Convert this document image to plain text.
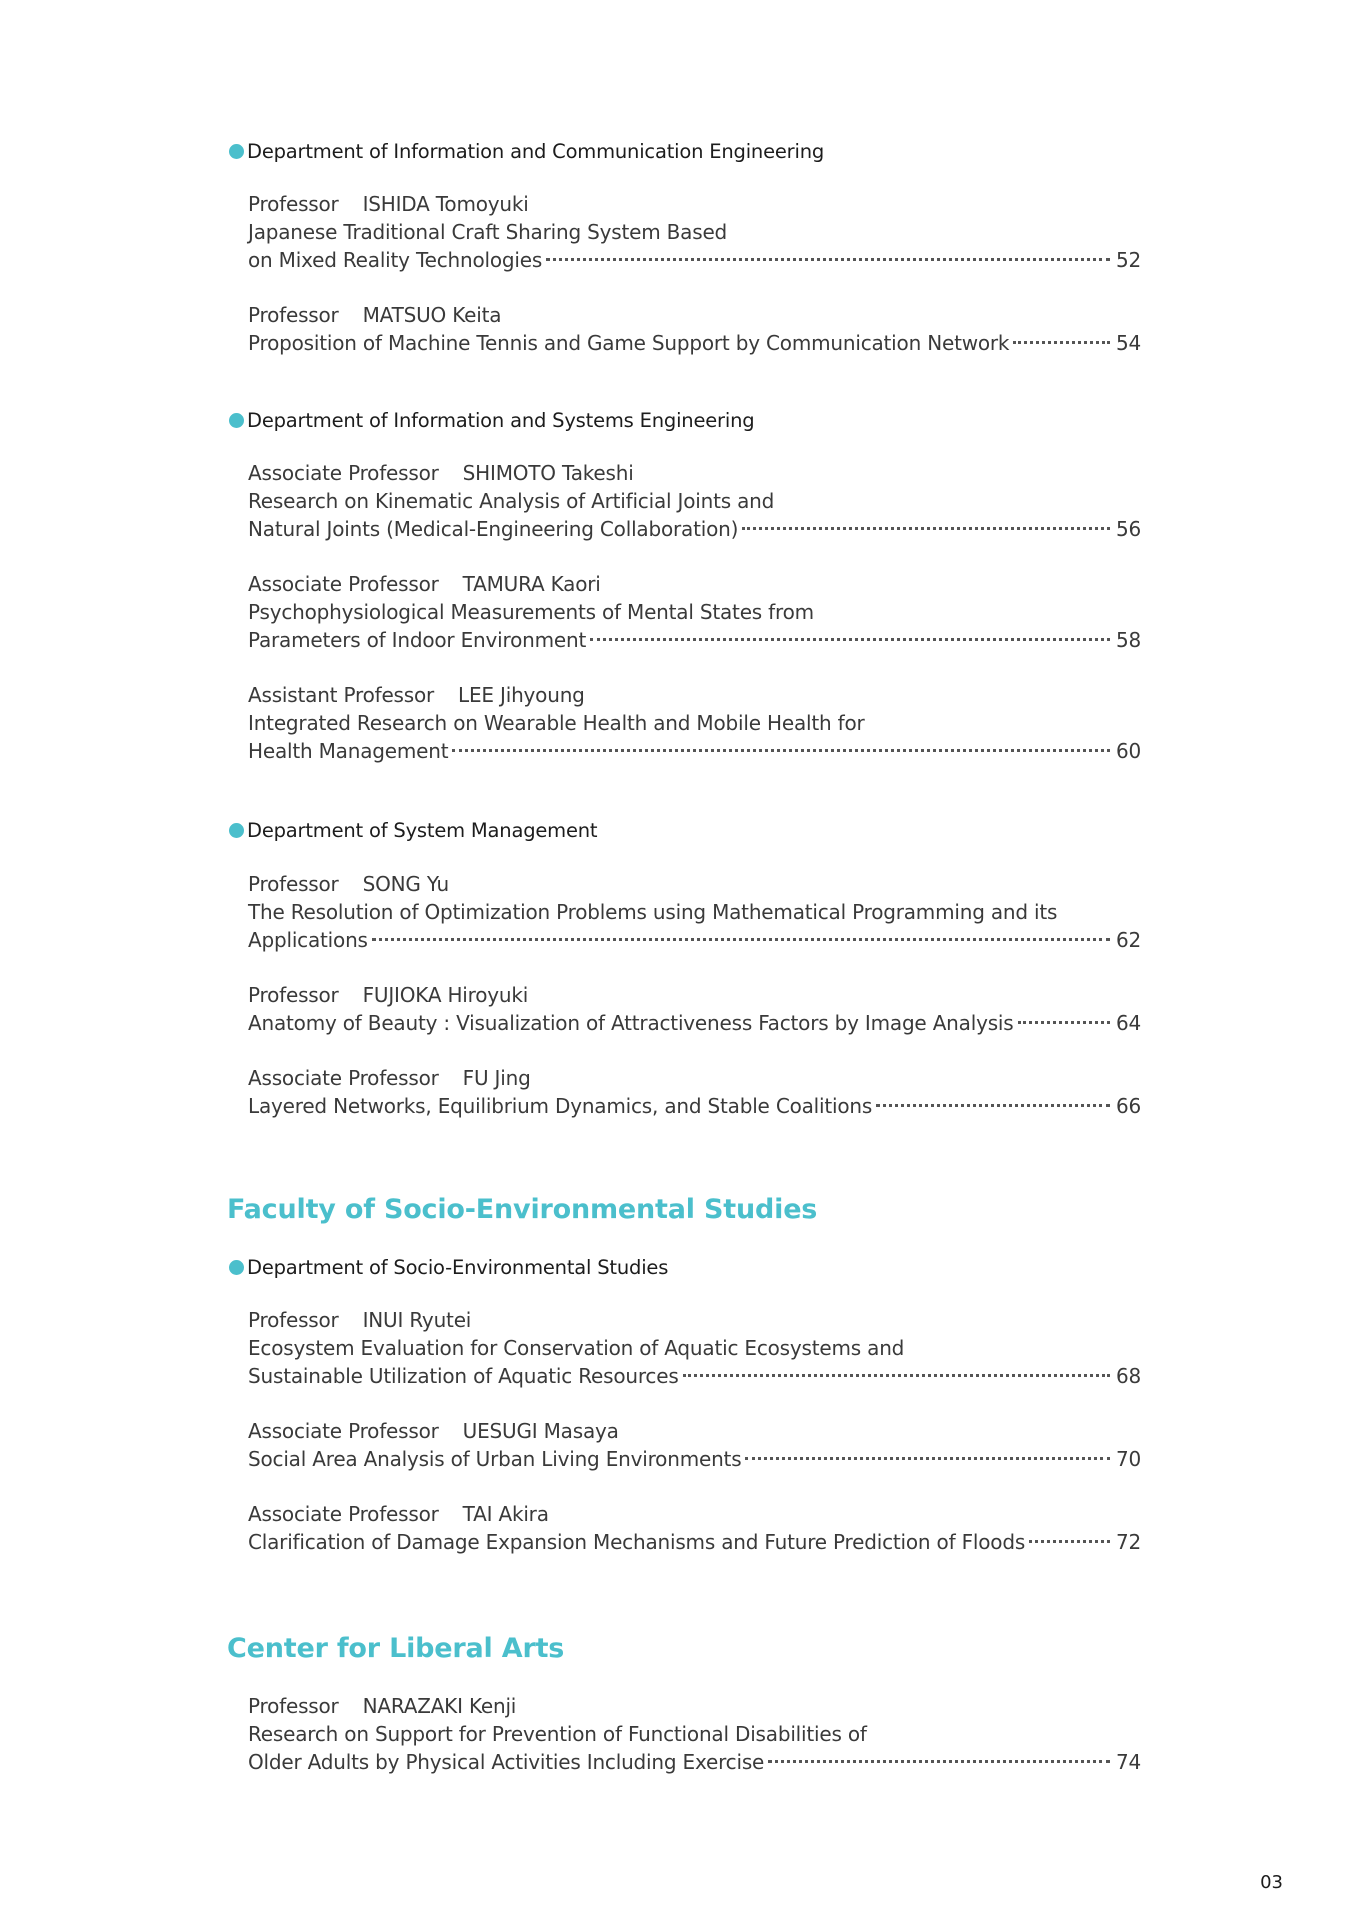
Department of Information and Communication Engineering
Professor ISHIDA Tomoyuki
Japanese Traditional Craft Sharing System Based
on Mixed Reality Technologies	52
Professor MATSUO Keita
Proposition of Machine Tennis and Game Support by Communication Network	54
Department of Information and Systems Engineering
Associate Professor SHIMOTO Takeshi
Research on Kinematic Analysis of Artificial Joints and
Natural Joints (Medical-Engineering Collaboration)	56
Associate Professor TAMURA Kaori
Psychophysiological Measurements of Mental States from
Parameters of Indoor Environment	58
Assistant Professor LEE Jihyoung
Integrated Research on Wearable Health and Mobile Health for
Health Management	60
Department of System Management
Professor SONG Yu
The Resolution of Optimization Problems using Mathematical Programming and its
Applications	62
Professor FUJIOKA Hiroyuki
Anatomy of Beauty : Visualization of Attractiveness Factors by Image Analysis	64
Associate Professor FU Jing
Layered Networks, Equilibrium Dynamics, and Stable Coalitions	66
Faculty of Socio-Environmental Studies
Department of Socio-Environmental Studies
Professor INUI Ryutei
Ecosystem Evaluation for Conservation of Aquatic Ecosystems and
Sustainable Utilization of Aquatic Resources	68
Associate Professor UESUGI Masaya
Social Area Analysis of Urban Living Environments	70
Associate Professor TAI Akira
Clarification of Damage Expansion Mechanisms and Future Prediction of Floods	72
Center for Liberal Arts
Professor NARAZAKI Kenji
Research on Support for Prevention of Functional Disabilities of
Older Adults by Physical Activities Including Exercise	74
03
